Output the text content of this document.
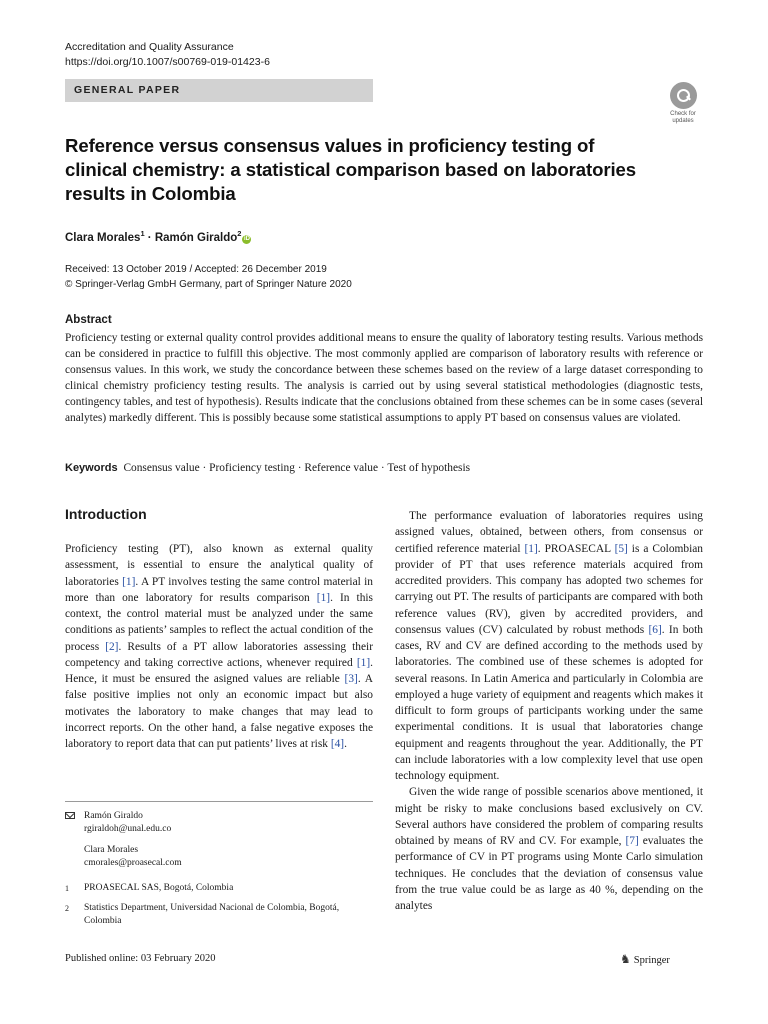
Accreditation and Quality Assurance
https://doi.org/10.1007/s00769-019-01423-6
GENERAL PAPER
Check for
updates
Reference versus consensus values in proficiency testing of clinical chemistry: a statistical comparison based on laboratories results in Colombia
Clara Morales$^1$ · Ramón Giraldo$^2$iD
Received: 13 October 2019 / Accepted: 26 December 2019
© Springer-Verlag GmbH Germany, part of Springer Nature 2020
Abstract
Proficiency testing or external quality control provides additional means to ensure the quality of laboratory testing results. Various methods can be considered in practice to fulfill this objective. The most commonly applied are comparison of laboratory results with reference or consensus values. In this work, we study the concordance between these schemes based on the review of a large dataset corresponding to clinical chemistry proficiency testing results. The analysis is carried out by using several statistical methodologies (diagnostic tests, contingency tables, and test of hypothesis). Results indicate that the conclusions obtained from these schemes can be in some cases (several analytes) markedly different. This is possibly because some statistical assumptions to apply PT based on consensus values are violated.
Keywords Consensus value · Proficiency testing · Reference value · Test of hypothesis
Introduction

Proficiency testing (PT), also known as external quality assessment, is essential to ensure the analytical quality of laboratories [1]. A PT involves testing the same control material in more than one laboratory for results comparison [1]. In this context, the control material must be analyzed under the same conditions as patients’ samples to reflect the actual condition of the process [2]. Results of a PT allow laboratories assessing their competency and taking corrective actions, whenever required [1]. Hence, it must be ensured the asigned values are reliable [3]. A false positive implies not only an economic impact but also motivates the laboratory to make changes that may lead to incorrect reports. On the other hand, a false negative exposes the laboratory to report data that can put patients’ lives at risk [4].

The performance evaluation of laboratories requires using assigned values, obtained, between others, from consensus or certified reference material [1]. PROASECAL [5] is a Colombian provider of PT that uses reference materials acquired from accredited providers. This company has adopted two schemes for carrying out PT. The results of participants are compared with both reference values (RV), given by accredited providers, and consensus values (CV) calculated by robust methods [6]. In both cases, RV and CV are defined according to the methods used by laboratories. The combined use of these schemes is adopted for several reasons. In Latin America and particularly in Colombia are employed a huge variety of equipment and reagents which makes it difficult to form groups of participants working under the same experimental conditions. It is usual that laboratories change equipment and reagents throughout the year. Additionally, the PT can include laboratories with a low complexity level that use open technology equipment.

Given the wide range of possible scenarios above mentioned, it might be risky to make conclusions based exclusively on CV. Several authors have considered the problem of comparing results obtained by means of RV and CV. For example, [7] evaluates the performance of CV in PT programs using Monte Carlo simulation techniques. He concludes that the deviation of consensus value from the true value could be as large as 40 %, depending on the analytes

Ramón Giraldo
rgiraldoh@unal.edu.co
Clara Morales
cmorales@proasecal.com
1 PROASECAL SAS, Bogotá, Colombia
2 Statistics Department, Universidad Nacional de Colombia, Bogotá, Colombia
Published online: 03 February 2020	♞ Springer
